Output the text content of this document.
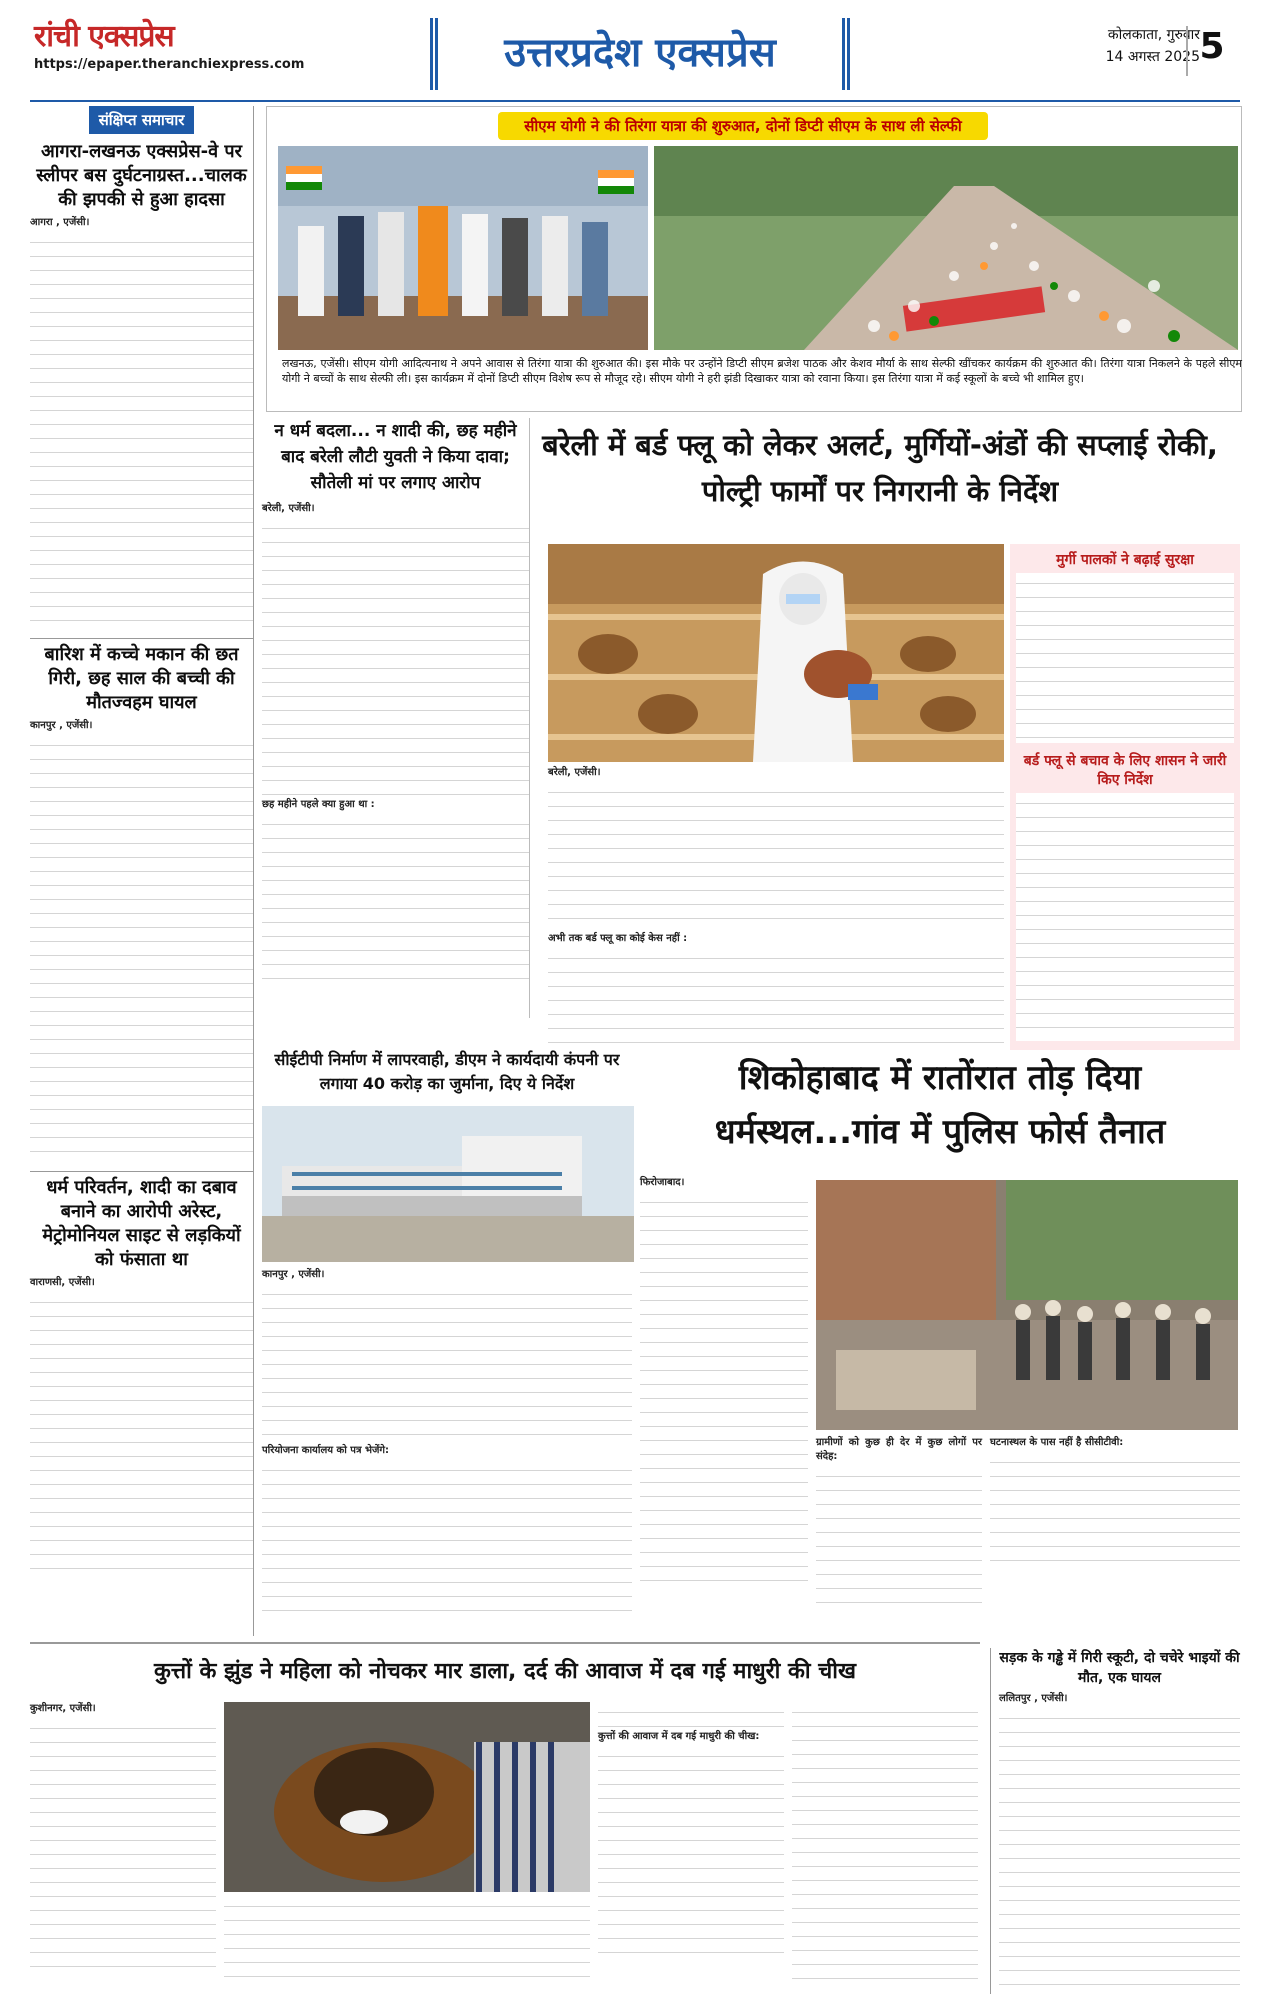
रांची एक्सप्रेस
https://epaper.theranchiexpress.com	उत्तरप्रदेश एक्सप्रेस	कोलकाता, गुरुवार
14 अगस्त 2025 5
संक्षिप्त समाचार
आगरा-लखनऊ एक्सप्रेस-वे पर स्लीपर बस दुर्घटनाग्रस्त...चालक की झपकी से हुआ हादसा
आगरा , एजेंसी।
बारिश में कच्चे मकान की छत गिरी, छह साल की बच्ची की मौतज्वहम घायल
कानपुर , एजेंसी।
धर्म परिवर्तन, शादी का दबाव बनाने का आरोपी अरेस्ट, मेट्रोमोनियल साइट से लड़कियों को फंसाता था
वाराणसी, एजेंसी।
सीएम योगी ने की तिरंगा यात्रा की शुरुआत, दोनों डिप्टी सीएम के साथ ली सेल्फी
लखनऊ, एजेंसी। सीएम योगी आदित्यनाथ ने अपने आवास से तिरंगा यात्रा की शुरुआत की। इस मौके पर उन्होंने डिप्टी सीएम ब्रजेश पाठक और केशव मौर्या के साथ सेल्फी खींचकर कार्यक्रम की शुरुआत की। तिरंगा यात्रा निकलने के पहले सीएम योगी ने बच्चों के साथ सेल्फी ली। इस कार्यक्रम में दोनों डिप्टी सीएम विशेष रूप से मौजूद रहे। सीएम योगी ने हरी झंडी दिखाकर यात्रा को रवाना किया। इस तिरंगा यात्रा में कई स्कूलों के बच्चे भी शामिल हुए।
न धर्म बदला... न शादी की, छह महीने बाद बरेली लौटी युवती ने किया दावा; सौतेली मां पर लगाए आरोप
बरेली, एजेंसी।
छह महीने पहले क्या हुआ था :
बरेली में बर्ड फ्लू को लेकर अलर्ट, मुर्गियों-अंडों की सप्लाई रोकी, पोल्ट्री फार्मों पर निगरानी के निर्देश
बरेली, एजेंसी।
अभी तक बर्ड फ्लू का कोई केस नहीं :
मुर्गी पालकों ने बढ़ाई सुरक्षा
बर्ड फ्लू से बचाव के लिए शासन ने जारी किए निर्देश
सीईटीपी निर्माण में लापरवाही, डीएम ने कार्यदायी कंपनी पर लगाया 40 करोड़ का जुर्माना, दिए ये निर्देश
कानपुर , एजेंसी।
परियोजना कार्यालय को पत्र भेजेंगे:
शिकोहाबाद में रातोंरात तोड़ दिया
धर्मस्थल...गांव में पुलिस फोर्स तैनात
फिरोजाबाद।
ग्रामीणों को कुछ ही देर में कुछ लोगों पर संदेह:
घटनास्थल के पास नहीं है सीसीटीवी:
कुत्तों के झुंड ने महिला को नोचकर मार डाला, दर्द की आवाज में दब गई माधुरी की चीख
कुशीनगर, एजेंसी।
कुत्तों की आवाज में दब गई माधुरी की चीख:
सड़क के गड्ढे में गिरी स्कूटी, दो चचेरे भाइयों की मौत, एक घायल
ललितपुर , एजेंसी।
